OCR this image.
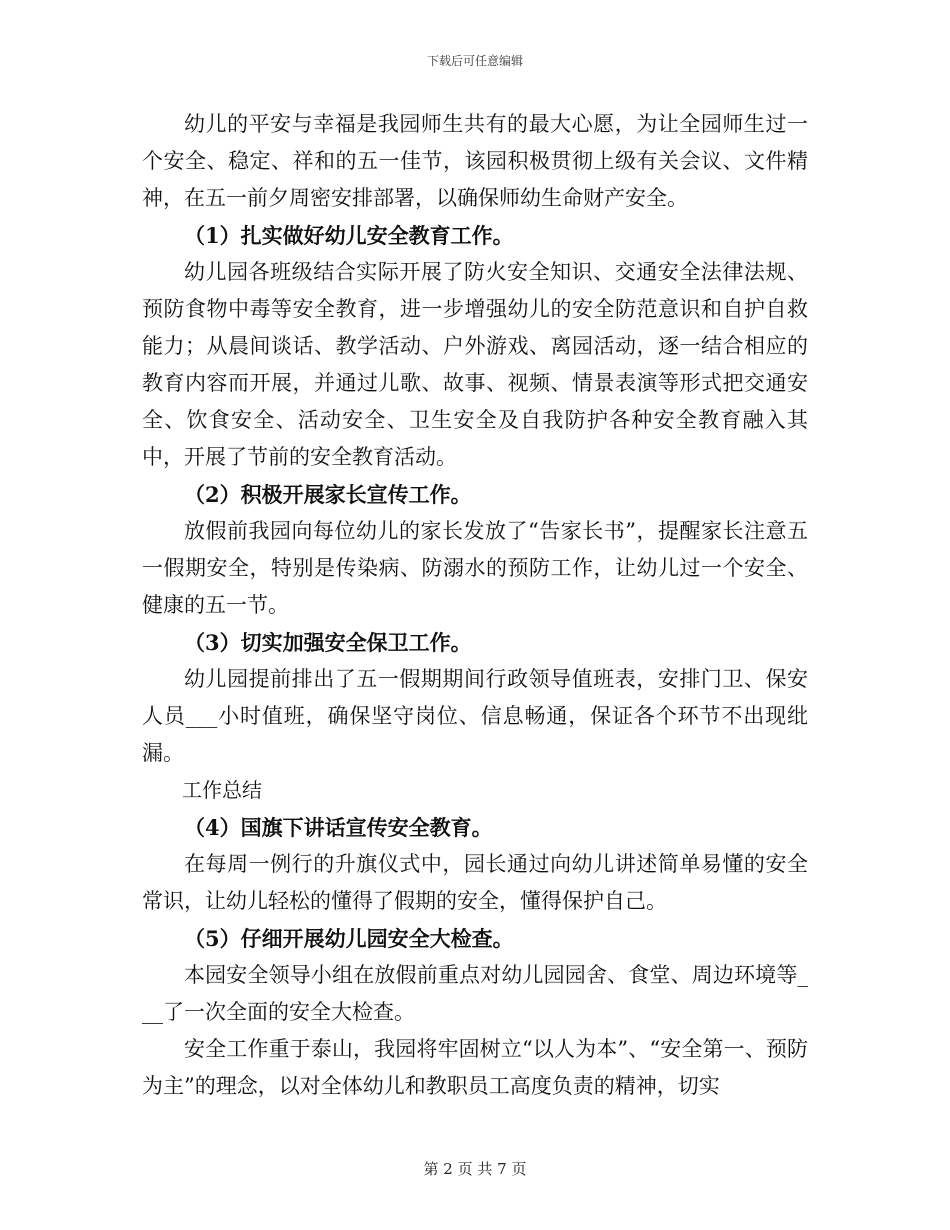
下载后可任意编辑

幼儿的平安与幸福是我园师生共有的最大心愿，为让全园师生过一个安全、稳定、祥和的五一佳节，该园积极贯彻上级有关会议、文件精神，在五一前夕周密安排部署，以确保师幼生命财产安全。

（1）扎实做好幼儿安全教育工作。

幼儿园各班级结合实际开展了防火安全知识、交通安全法律法规、预防食物中毒等安全教育，进一步增强幼儿的安全防范意识和自护自救能力；从晨间谈话、教学活动、户外游戏、离园活动，逐一结合相应的教育内容而开展，并通过儿歌、故事、视频、情景表演等形式把交通安全、饮食安全、活动安全、卫生安全及自我防护各种安全教育融入其中，开展了节前的安全教育活动。

（2）积极开展家长宣传工作。

放假前我园向每位幼儿的家长发放了“告家长书”，提醒家长注意五一假期安全，特别是传染病、防溺水的预防工作，让幼儿过一个安全、健康的五一节。

（3）切实加强安全保卫工作。

幼儿园提前排出了五一假期期间行政领导值班表，安排门卫、保安人员___小时值班，确保坚守岗位、信息畅通，保证各个环节不出现纰漏。

工作总结

（4）国旗下讲话宣传安全教育。

在每周一例行的升旗仪式中，园长通过向幼儿讲述简单易懂的安全常识，让幼儿轻松的懂得了假期的安全，懂得保护自己。

（5）仔细开展幼儿园安全大检查。

本园安全领导小组在放假前重点对幼儿园园舍、食堂、周边环境等___了一次全面的安全大检查。

安全工作重于泰山，我园将牢固树立“以人为本”、“安全第一、预防为主”的理念，以对全体幼儿和教职员工高度负责的精神，切实

第 2 页 共 7 页
